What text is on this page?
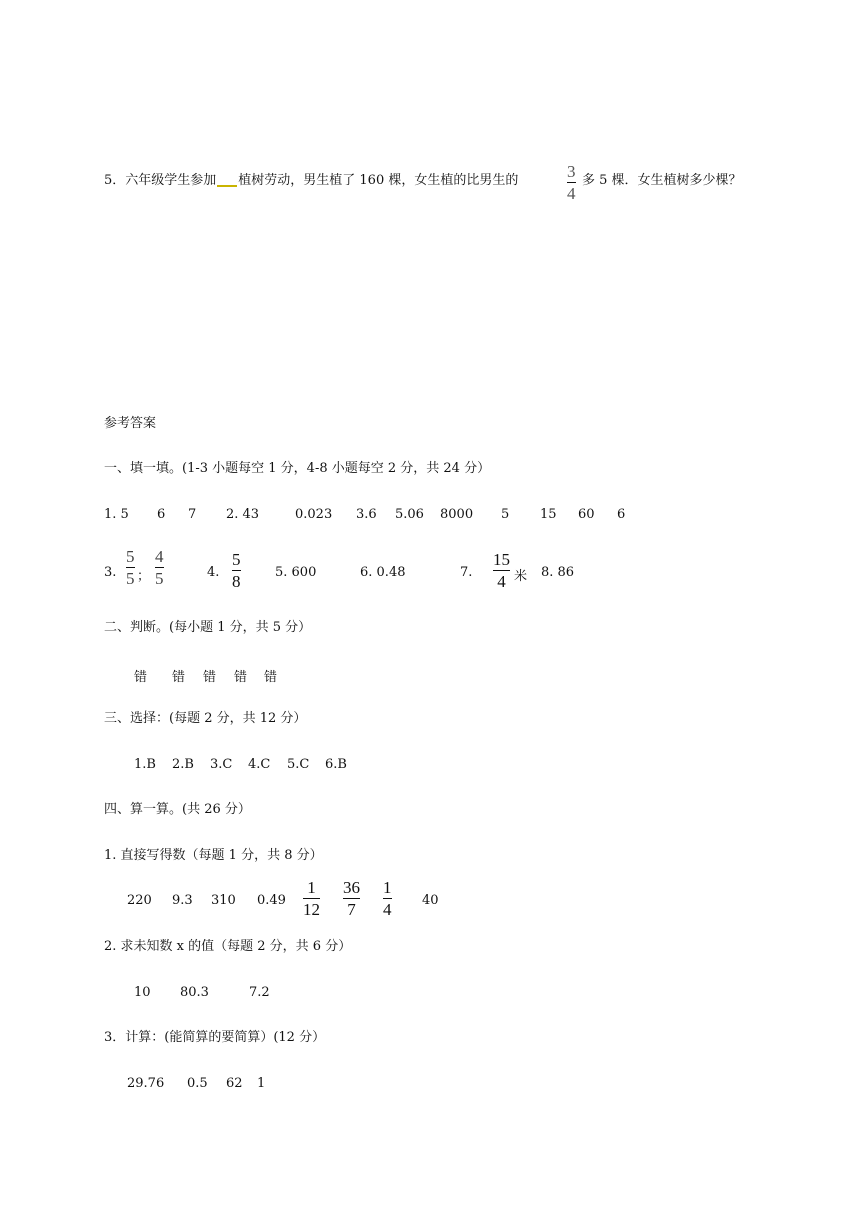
5．六年级学生参加 植树劳动，男生植了 160 棵，女生植的比男生的	3
4
多 5 棵．女生植树多少棵？
参考答案
一、填一填。(1-3 小题每空 1 分，4-8 小题每空 2 分，共 24 分）
1. 5 6 7 2. 43	0.023 3.6 5.06 8000 5 15 60 6
3.
5
5 ；
4
5	4.
5
8	5. 600	6. 0.48	7.
15
4 米 8. 86
二、判断。(每小题 1 分，共 5 分）
错 错 错 错 错
三、选择：(每题 2 分，共 12 分）
1.B 2.B 3.C 4.C 5.C 6.B
四、算一算。(共 26 分）
1. 直接写得数（每题 1 分，共 8 分）
220 9.3 310 0.49
1
12
36
7
1
4 40
2. 求未知数 x 的值（每题 2 分，共 6 分）
10 80.3	7.2
3．计算：(能简算的要简算）(12 分）
29.76 0.5 62 1
